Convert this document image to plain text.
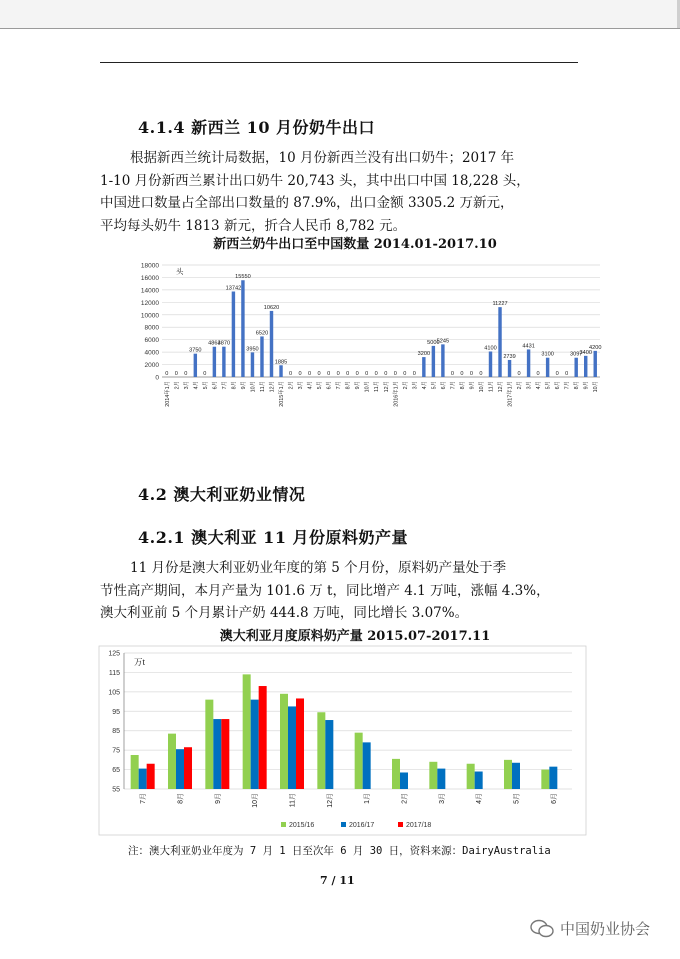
4.1.4 新西兰 10 月份奶牛出口
根据新西兰统计局数据，10 月份新西兰没有出口奶牛；2017 年
1-10 月份新西兰累计出口奶牛 20,743 头，其中出口中国 18,228 头，
中国进口数量占全部出口数量的 87.9%，出口金额 3305.2 万新元，
平均每头奶牛 1813 新元，折合人民币 8,782 元。
新西兰奶牛出口至中国数量 2014.01-2017.10
0
2000
4000
6000
8000
10000
12000
14000
16000
18000
头
0
2014年1月
0
2月
0
3月
3750
4月
0
5月
4863
6月
4870
7月
13742
8月
15550
9月
3950
10月
6520
11月
10620
12月
1885
2015年1月
0
2月
0
3月
0
4月
0
5月
0
6月
0
7月
0
8月
0
9月
0
10月
0
11月
0
12月
0
2016年1月
0
2月
0
3月
3200
4月
5000
5月
5245
6月
0
7月
0
8月
0
9月
0
10月
4100
11月
11227
12月
2739
2017年1月
0
2月
4431
3月
0
4月
3100
5月
0
6月
0
7月
3097
8月
3400
9月
4200
10月
4.2 澳大利亚奶业情况
4.2.1 澳大利亚 11 月份原料奶产量
11 月份是澳大利亚奶业年度的第 5 个月份，原料奶产量处于季
节性高产期间，本月产量为 101.6 万 t，同比增产 4.1 万吨，涨幅 4.3%，
澳大利亚前 5 个月累计产奶 444.8 万吨，同比增长 3.07%。
澳大利亚月度原料奶产量 2015.07-2017.11
55
65
75
85
95
105
115
125
万t
7月	8月	9月	10月	11月	12月	1月	2月	3月	4月	5月	6月
2015/16	2016/17	2017/18
注：澳大利亚奶业年度为 7 月 1 日至次年 6 月 30 日，资料来源：DairyAustralia
7 / 11
中国奶业协会
